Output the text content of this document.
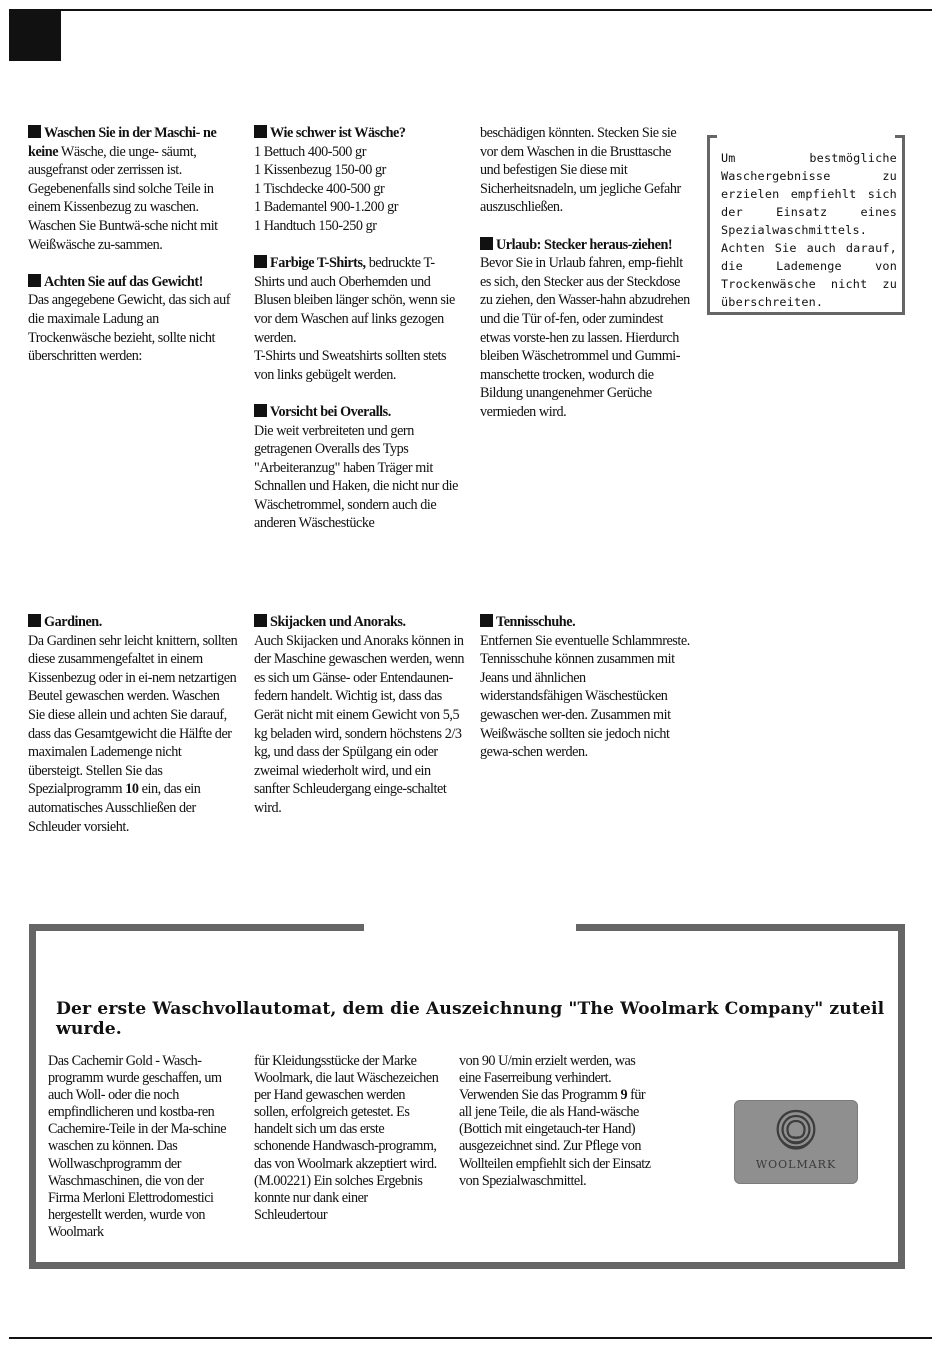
Waschen Sie in der Maschi- ne keine Wäsche, die unge- säumt, ausgefranst oder zerrissen ist. Gegebenenfalls sind solche Teile in einem Kissenbezug zu waschen. Waschen Sie Buntwä-sche nicht mit Weißwäsche zu-sammen.

Achten Sie auf das Gewicht!
Das angegebene Gewicht, das sich auf die maximale Ladung an Trockenwäsche bezieht, sollte nicht überschritten werden:

Wie schwer ist Wäsche?
1 Bettuch 400-500 gr
1 Kissenbezug 150-00 gr
1 Tischdecke 400-500 gr
1 Bademantel 900-1.200 gr
1 Handtuch 150-250 gr

Farbige T-Shirts, bedruckte T-Shirts und auch Oberhemden und Blusen bleiben länger schön, wenn sie vor dem Waschen auf links gezogen werden.
T-Shirts und Sweatshirts sollten stets von links gebügelt werden.

Vorsicht bei Overalls.
Die weit verbreiteten und gern getragenen Overalls des Typs "Arbeiteranzug" haben Träger mit Schnallen und Haken, die nicht nur die Wäschetrommel, sondern auch die anderen Wäschestücke

beschädigen könnten. Stecken Sie sie vor dem Waschen in die Brusttasche und befestigen Sie diese mit Sicherheitsnadeln, um jegliche Gefahr auszuschließen.

Urlaub: Stecker heraus-ziehen!
Bevor Sie in Urlaub fahren, emp-fiehlt es sich, den Stecker aus der Steckdose zu ziehen, den Wasser-hahn abzudrehen und die Tür of-fen, oder zumindest etwas vorste-hen zu lassen. Hierdurch bleiben Wäschetrommel und Gummi-manschette trocken, wodurch die Bildung unangenehmer Gerüche vermieden wird.

Um bestmögliche Waschergebnisse zu erzielen empfiehlt sich der Einsatz eines Spezialwaschmittels. Achten Sie auch darauf, die Lademenge von Trockenwäsche nicht zu überschreiten.

Gardinen.
Da Gardinen sehr leicht knittern, sollten diese zusammengefaltet in einem Kissenbezug oder in ei-nem netzartigen Beutel gewaschen werden. Waschen Sie diese allein und achten Sie darauf, dass das Gesamtgewicht die Hälfte der maximalen Lademenge nicht übersteigt. Stellen Sie das Spezialprogramm 10 ein, das ein automatisches Ausschließen der Schleuder vorsieht.

Skijacken und Anoraks.
Auch Skijacken und Anoraks können in der Maschine gewaschen werden, wenn es sich um Gänse- oder Entendaunen-federn handelt. Wichtig ist, dass das Gerät nicht mit einem Gewicht von 5,5 kg beladen wird, sondern höchstens 2/3 kg, und dass der Spülgang ein oder zweimal wiederholt wird, und ein sanfter Schleudergang einge-schaltet wird.

Tennisschuhe.
Entfernen Sie eventuelle Schlammreste. Tennisschuhe können zusammen mit Jeans und ähnlichen widerstandsfähigen Wäschestücken gewaschen wer-den. Zusammen mit Weißwäsche sollten sie jedoch nicht gewa-schen werden.

Der erste Waschvollautomat, dem die Auszeichnung "The Woolmark Company" zuteil wurde.

Das Cachemir Gold - Wasch-programm wurde geschaffen, um auch Woll- oder die noch empfindlicheren und kostba-ren Cachemire-Teile in der Ma-schine waschen zu können. Das Wollwaschprogramm der Waschmaschinen, die von der Firma Merloni Elettrodomestici hergestellt werden, wurde von Woolmark

für Kleidungsstücke der Marke Woolmark, die laut Wäschezeichen per Hand gewaschen werden sollen, erfolgreich getestet. Es handelt sich um das erste schonende Handwasch-programm, das von Woolmark akzeptiert wird. (M.00221) Ein solches Ergebnis konnte nur dank einer Schleudertour

von 90 U/min erzielt werden, was eine Faserreibung verhindert. Verwenden Sie das Programm 9 für all jene Teile, die als Hand-wäsche (Bottich mit eingetauch-ter Hand) ausgezeichnet sind. Zur Pflege von Wollteilen empfiehlt sich der Einsatz von Spezialwaschmittel.

WOOLMARK
